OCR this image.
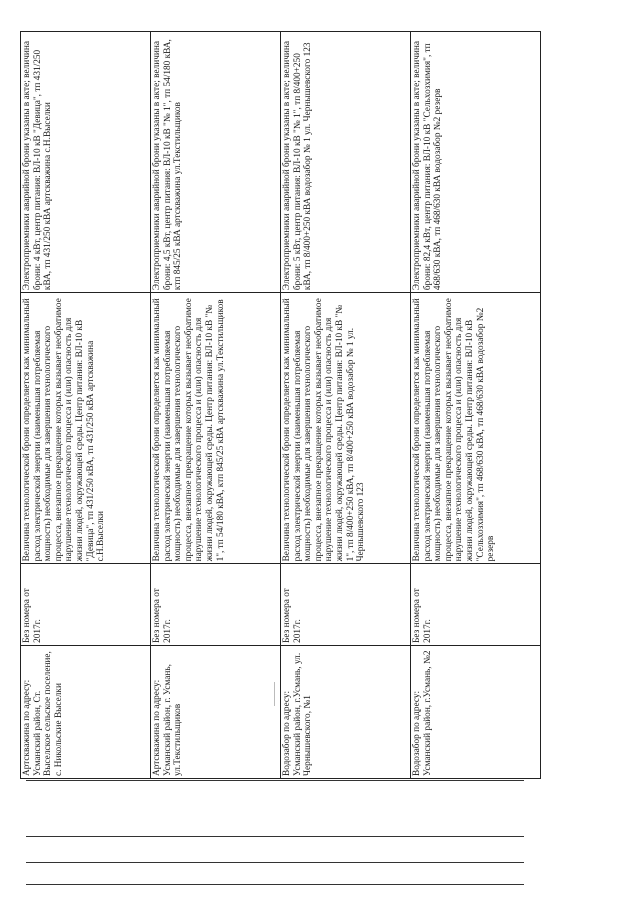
Артскважина по адресу: Усманский район, Ст. Выселское сельское поселение, с. Никольские Выселки	Без номера от 2017г.	Величина технологической брони определяется как минимальный расход электрической энергии (наименьшая потребляемая мощность) необходимые для завершения технологического процесса, внезапное прекращение которых вызывает необратимое нарушение технологического процесса и (или) опасность для жизни людей, окружающей среды. Центр питания: ВЛ-10 кВ "Девица", тп 431/250 кВА, тп 431/250 кВА артскважина с.Н.Выселки	Электроприемники аварийной брони указаны в акте; величина брони: 4 кВт, центр питания: ВЛ-10 кВ "Девица", тп 431/250 кВА, тп 431/250 кВА артскважина с.Н.Выселки

Артскважина по адресу: Усманский район, г. Усмань, ул.Текстильщиков	Без номера от 2017г.	Величина технологической брони определяется как минимальный расход электрической энергии (наименьшая потребляемая мощность) необходимые для завершения технологического процесса, внезапное прекращение которых вызывает необратимое нарушение технологического процесса и (или) опасность для жизни людей, окружающей среды. Центр питания: ВЛ-10 кВ "№ 1", тп 54/180 кВА, ктп 845/25 кВА артскважина ул.Текстильщиков	Электроприемники аварийной брони указаны в акте; величина брони: 4,5 кВт, центр питания: ВЛ-10 кВ "№ 1", тп 54/180 кВА, ктп 845/25 кВА артскважина ул.Текстильщиков

Водозабор по адресу: Усманский район, г.Усмань, ул. Чернышевского, №1	Без номера от 2017г.	Величина технологической брони определяется как минимальный расход электрической энергии (наименьшая потребляемая мощность) необходимые для завершения технологического процесса, внезапное прекращение которых вызывает необратимое нарушение технологического процесса и (или) опасность для жизни людей, окружающей среды. Центр питания: ВЛ-10 кВ "№ 1", тп 8/400+250 кВА, тп 8/400+250 кВА водозабор № 1 ул. Чернышевского 123	Электроприемники аварийной брони указаны в акте; величина брони: 5 кВт, центр питания: ВЛ-10 кВ "№ 1", тп 8/400+250 кВА, тп 8/400+250 кВА водозабор № 1 ул. Чернышевского 123

Водозабор по адресу: Усманский район, г.Усмань, №2	Без номера от 2017г.	Величина технологической брони определяется как минимальный расход электрической энергии (наименьшая потребляемая мощность) необходимые для завершения технологического процесса, внезапное прекращение которых вызывает необратимое нарушение технологического процесса и (или) опасность для жизни людей, окружающей среды. Центр питания: ВЛ-10 кВ "Сельхозхимия", тп 468/630 кВА, тп 468/630 кВА водозабор №2 резерв	Электроприемники аварийной брони указаны в акте; величина брони: 82,4 кВт, центр питания: ВЛ-10 кВ "Сельхозхимия", тп 468/630 кВА, тп 468/630 кВА водозабор №2 резерв
